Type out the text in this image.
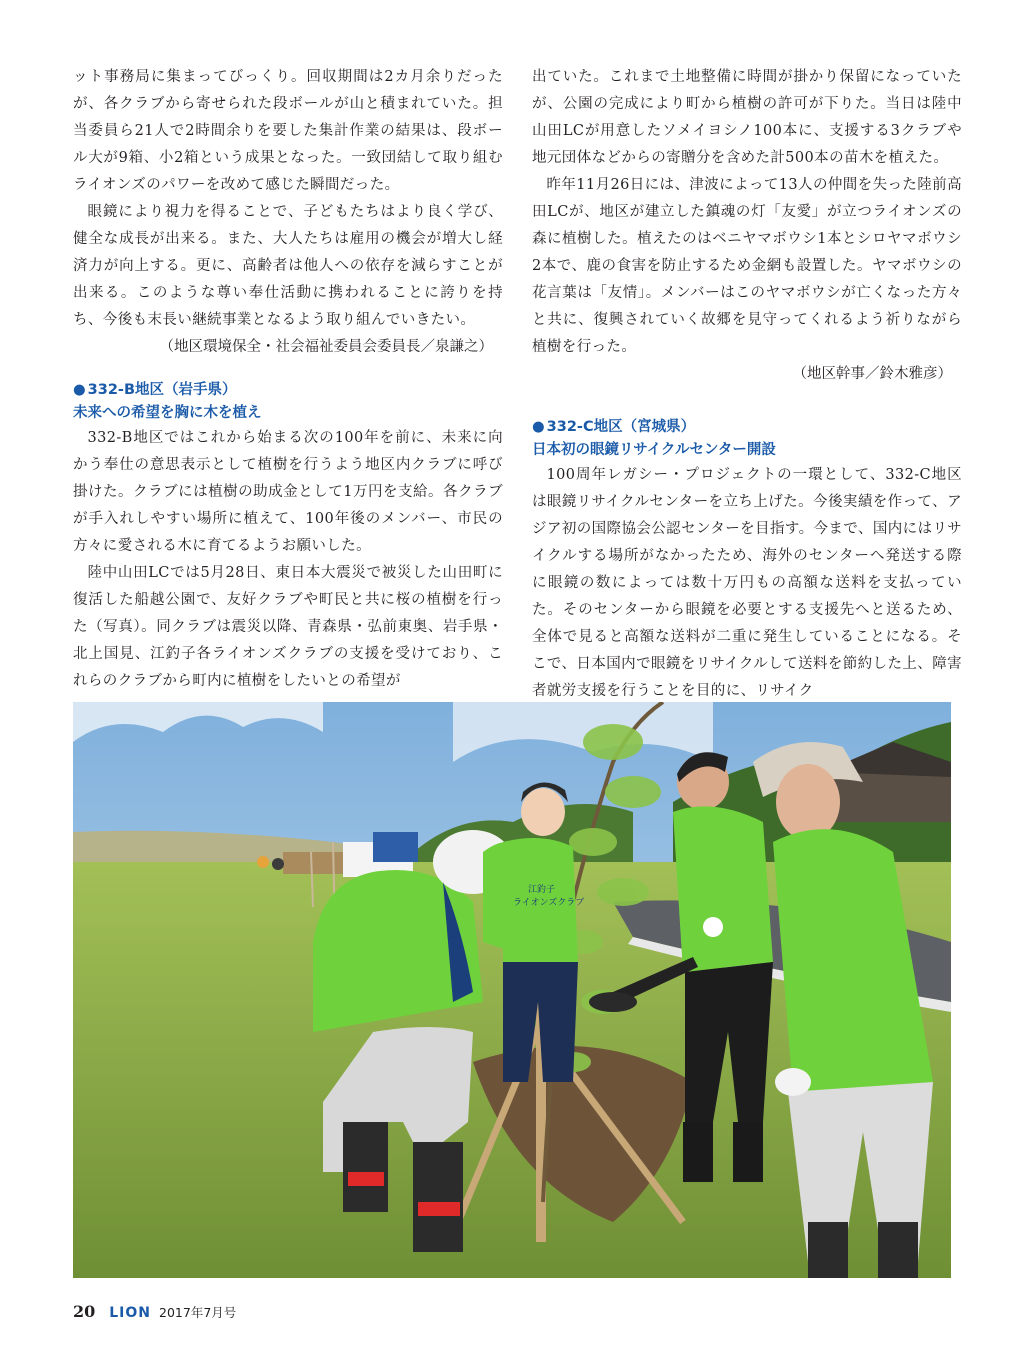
ット事務局に集まってびっくり。回収期間は2カ月余りだったが、各クラブから寄せられた段ボールが山と積まれていた。担当委員ら21人で2時間余りを要した集計作業の結果は、段ボール大が9箱、小2箱という成果となった。一致団結して取り組むライオンズのパワーを改めて感じた瞬間だった。

眼鏡により視力を得ることで、子どもたちはより良く学び、健全な成長が出来る。また、大人たちは雇用の機会が増大し経済力が向上する。更に、高齢者は他人への依存を減らすことが出来る。このような尊い奉仕活動に携われることに誇りを持ち、今後も末長い継続事業となるよう取り組んでいきたい。

（地区環境保全・社会福祉委員会委員長／泉謙之）

● 332-B地区（岩手県）

未来への希望を胸に木を植え

332-B地区ではこれから始まる次の100年を前に、未来に向かう奉仕の意思表示として植樹を行うよう地区内クラブに呼び掛けた。クラブには植樹の助成金として1万円を支給。各クラブが手入れしやすい場所に植えて、100年後のメンバー、市民の方々に愛される木に育てるようお願いした。

陸中山田LCでは5月28日、東日本大震災で被災した山田町に復活した船越公園で、友好クラブや町民と共に桜の植樹を行った（写真）。同クラブは震災以降、青森県・弘前東奥、岩手県・北上国見、江釣子各ライオンズクラブの支援を受けており、これらのクラブから町内に植樹をしたいとの希望が

出ていた。これまで土地整備に時間が掛かり保留になっていたが、公園の完成により町から植樹の許可が下りた。当日は陸中山田LCが用意したソメイヨシノ100本に、支援する3クラブや地元団体などからの寄贈分を含めた計500本の苗木を植えた。

昨年11月26日には、津波によって13人の仲間を失った陸前高田LCが、地区が建立した鎮魂の灯「友愛」が立つライオンズの森に植樹した。植えたのはベニヤマボウシ1本とシロヤマボウシ2本で、鹿の食害を防止するため金網も設置した。ヤマボウシの花言葉は「友情」。メンバーはこのヤマボウシが亡くなった方々と共に、復興されていく故郷を見守ってくれるよう祈りながら植樹を行った。

（地区幹事／鈴木雅彦）

● 332-C地区（宮城県）

日本初の眼鏡リサイクルセンター開設

100周年レガシー・プロジェクトの一環として、332-C地区は眼鏡リサイクルセンターを立ち上げた。今後実績を作って、アジア初の国際協会公認センターを目指す。今まで、国内にはリサイクルする場所がなかったため、海外のセンターへ発送する際に眼鏡の数によっては数十万円もの高額な送料を支払っていた。そのセンターから眼鏡を必要とする支援先へと送るため、全体で見ると高額な送料が二重に発生していることになる。そこで、日本国内で眼鏡をリサイクルして送料を節約した上、障害者就労支援を行うことを目的に、リサイク

江釣子
ライオンズクラブ
20 LION 2017年7月号
